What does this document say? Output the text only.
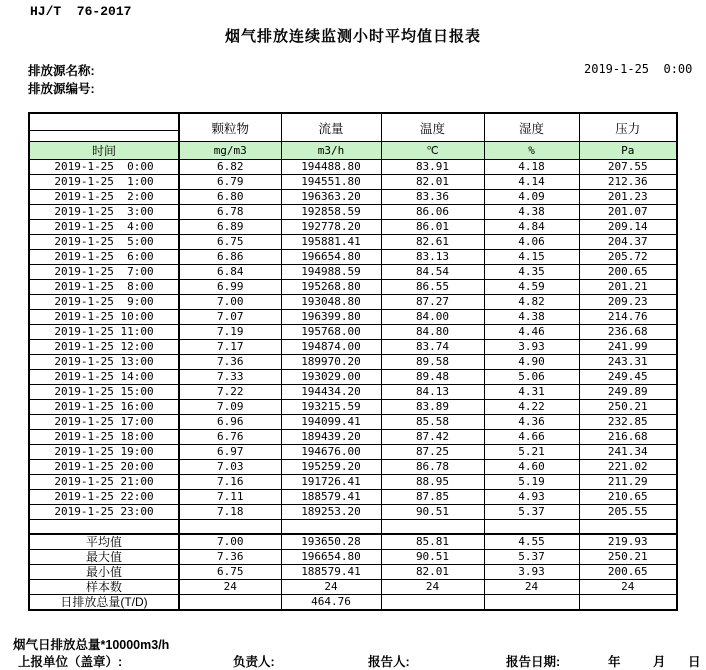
HJ/T  76-2017
烟气排放连续监测小时平均值日报表
排放源名称:
排放源编号:
2019-1-25  0:00
	颗粒物	流量	温度	湿度	压力
时间	mg/m3	m3/h	℃	%	Pa
2019-1-25  0:00	6.82	194488.80	83.91	4.18	207.55
2019-1-25  1:00	6.79	194551.80	82.01	4.14	212.36
2019-1-25  2:00	6.80	196363.20	83.36	4.09	201.23
2019-1-25  3:00	6.78	192858.59	86.06	4.38	201.07
2019-1-25  4:00	6.89	192778.20	86.01	4.84	209.14
2019-1-25  5:00	6.75	195881.41	82.61	4.06	204.37
2019-1-25  6:00	6.86	196654.80	83.13	4.15	205.72
2019-1-25  7:00	6.84	194988.59	84.54	4.35	200.65
2019-1-25  8:00	6.99	195268.80	86.55	4.59	201.21
2019-1-25  9:00	7.00	193048.80	87.27	4.82	209.23
2019-1-25 10:00	7.07	196399.80	84.00	4.38	214.76
2019-1-25 11:00	7.19	195768.00	84.80	4.46	236.68
2019-1-25 12:00	7.17	194874.00	83.74	3.93	241.99
2019-1-25 13:00	7.36	189970.20	89.58	4.90	243.31
2019-1-25 14:00	7.33	193029.00	89.48	5.06	249.45
2019-1-25 15:00	7.22	194434.20	84.13	4.31	249.89
2019-1-25 16:00	7.09	193215.59	83.89	4.22	250.21
2019-1-25 17:00	6.96	194099.41	85.58	4.36	232.85
2019-1-25 18:00	6.76	189439.20	87.42	4.66	216.68
2019-1-25 19:00	6.97	194676.00	87.25	5.21	241.34
2019-1-25 20:00	7.03	195259.20	86.78	4.60	221.02
2019-1-25 21:00	7.16	191726.41	88.95	5.19	211.29
2019-1-25 22:00	7.11	188579.41	87.85	4.93	210.65
2019-1-25 23:00	7.18	189253.20	90.51	5.37	205.55

平均值	7.00	193650.28	85.81	4.55	219.93
最大值	7.36	196654.80	90.51	5.37	250.21
最小值	6.75	188579.41	82.01	3.93	200.65
样本数	24	24	24	24	24
日排放总量(T/D)		464.76			
烟气日排放总量*10000m3/h
上报单位（盖章）:	负责人:	报告人:	报告日期:	年	月 日
